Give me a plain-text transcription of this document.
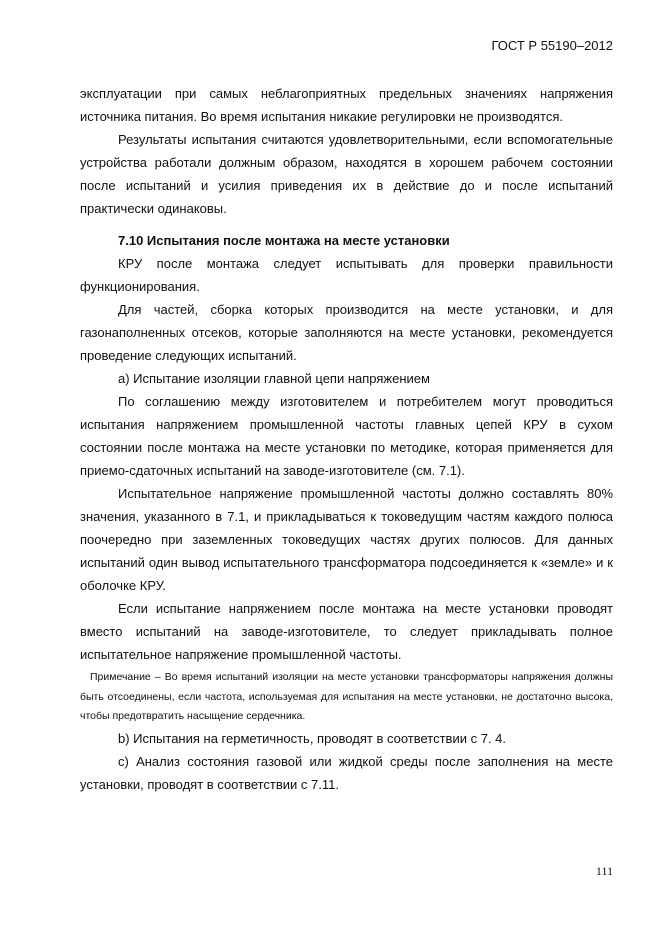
ГОСТ Р 55190–2012

эксплуатации при самых неблагоприятных предельных значениях напряжения источника питания. Во время испытания никакие регулировки не производятся.

Результаты испытания считаются удовлетворительными, если вспомогательные устройства работали должным образом, находятся в хорошем рабочем состоянии после испытаний и усилия приведения их в действие до и после испытаний практически одинаковы.

7.10 Испытания после монтажа на месте установки

КРУ после монтажа следует испытывать для проверки правильности функционирования.

Для частей, сборка которых производится на месте установки, и для газонаполненных отсеков, которые заполняются на месте установки, рекомендуется проведение следующих испытаний.

а) Испытание изоляции главной цепи напряжением

По соглашению между изготовителем и потребителем могут проводиться испытания напряжением промышленной частоты главных цепей КРУ в сухом состоянии после монтажа на месте установки по методике, которая применяется для приемо-сдаточных испытаний на заводе-изготовителе (см. 7.1).

Испытательное напряжение промышленной частоты должно составлять 80% значения, указанного в 7.1, и прикладываться к токоведущим частям каждого полюса поочередно при заземленных токоведущих частях других полюсов. Для данных испытаний один вывод испытательного трансформатора подсоединяется к «земле» и к оболочке КРУ.

Если испытание напряжением после монтажа на месте установки проводят вместо испытаний на заводе-изготовителе, то следует прикладывать полное испытательное напряжение промышленной частоты.

Примечание – Во время испытаний изоляции на месте установки трансформаторы напряжения должны быть отсоединены, если частота, используемая для испытания на месте установки, не достаточно высока, чтобы предотвратить насыщение сердечника.

b) Испытания на герметичность, проводят в соответствии с 7. 4.

c) Анализ состояния газовой или жидкой среды после заполнения на месте установки, проводят в соответствии с 7.11.

111
